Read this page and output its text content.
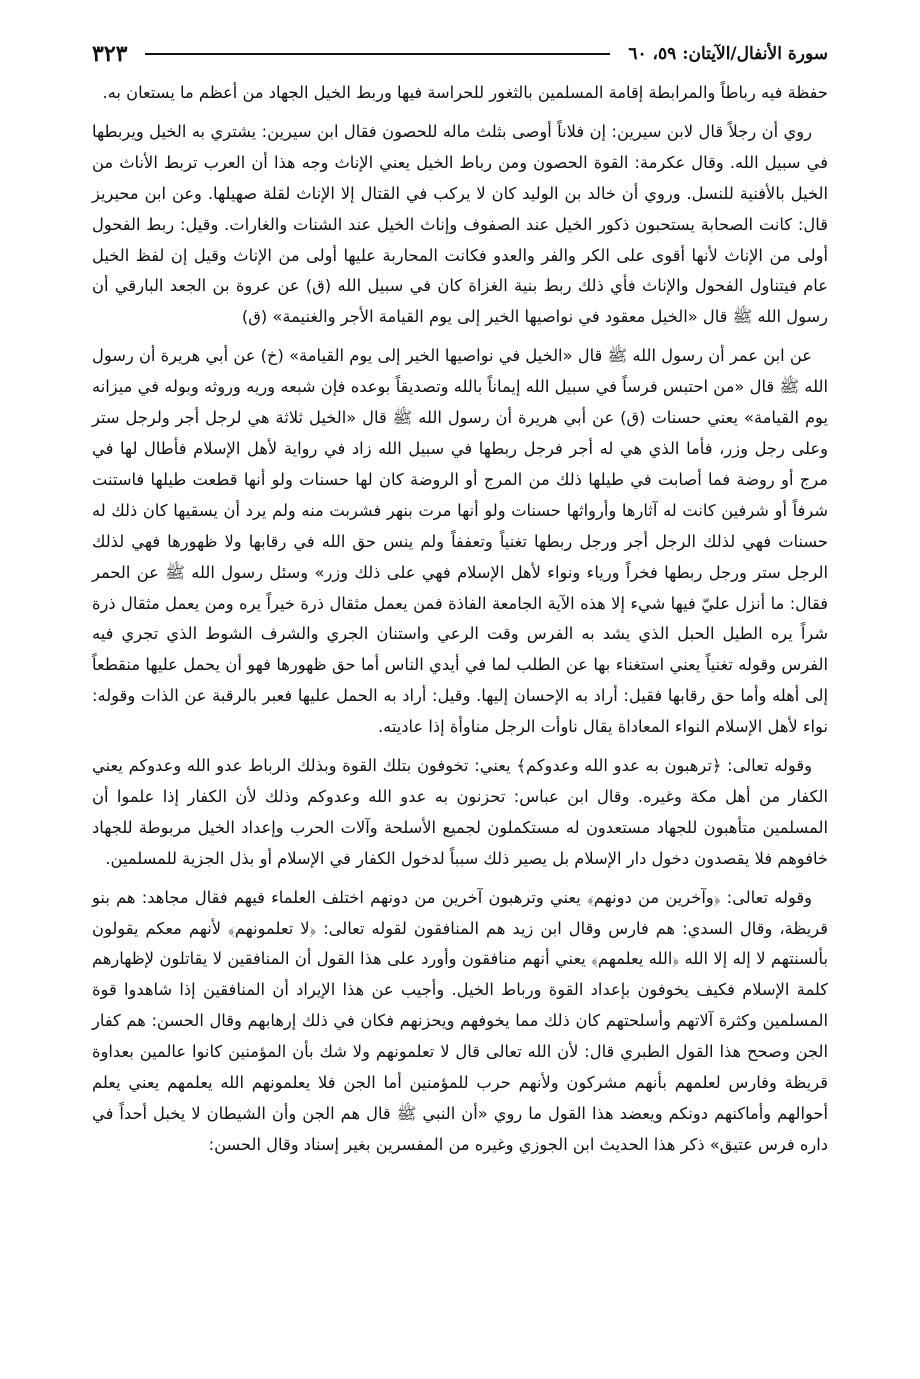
سورة الأنفال/الآيتان: ٥٩، ٦٠
٣٢٣

حفظة فيه رباطاً والمرابطة إقامة المسلمين بالثغور للحراسة فيها وربط الخيل الجهاد من أعظم ما يستعان به.

روي أن رجلاً قال لابن سيرين: إن فلاناً أوصى بثلث ماله للحصون فقال ابن سيرين: يشتري به الخيل ويربطها في سبيل الله. وقال عكرمة: القوة الحصون ومن رباط الخيل يعني الإناث وجه هذا أن العرب تربط الأناث من الخيل بالأفنية للنسل. وروي أن خالد بن الوليد كان لا يركب في القتال إلا الإناث لقلة صهيلها. وعن ابن محيريز قال: كانت الصحابة يستحبون ذكور الخيل عند الصفوف وإناث الخيل عند الشنات والغارات. وقيل: ربط الفحول أولى من الإناث لأنها أقوى على الكر والفر والعدو فكانت المحاربة عليها أولى من الإناث وقيل إن لفظ الخيل عام فيتناول الفحول والإناث فأي ذلك ربط بنية الغزاة كان في سبيل الله (ق) عن عروة بن الجعد البارقي أن رسول الله ﷺ قال «الخيل معقود في نواصيها الخير إلى يوم القيامة الأجر والغنيمة» (ق)

عن ابن عمر أن رسول الله ﷺ قال «الخيل في نواصيها الخير إلى يوم القيامة» (خ) عن أبي هريرة أن رسول الله ﷺ قال «من احتبس فرساً في سبيل الله إيماناً بالله وتصديقاً بوعده فإن شبعه وريه وروثه وبوله في ميزانه يوم القيامة» يعني حسنات (ق) عن أبي هريرة أن رسول الله ﷺ قال «الخيل ثلاثة هي لرجل أجر ولرجل ستر وعلى رجل وزر، فأما الذي هي له أجر فرجل ربطها في سبيل الله زاد في رواية لأهل الإسلام فأطال لها في مرج أو روضة فما أصابت في طيلها ذلك من المرج أو الروضة كان لها حسنات ولو أنها قطعت طيلها فاستنت شرفاً أو شرفين كانت له آثارها وأرواثها حسنات ولو أنها مرت بنهر فشربت منه ولم يرد أن يسقيها كان ذلك له حسنات فهي لذلك الرجل أجر ورجل ربطها تغنياً وتعففاً ولم ينس حق الله في رقابها ولا ظهورها فهي لذلك الرجل ستر ورجل ربطها فخراً ورياء ونواء لأهل الإسلام فهي على ذلك وزر» وسئل رسول الله ﷺ عن الحمر فقال: ما أنزل عليّ فيها شيء إلا هذه الآية الجامعة الفاذة فمن يعمل مثقال ذرة خيراً يره ومن يعمل مثقال ذرة شراً يره الطيل الحبل الذي يشد به الفرس وقت الرعي واستنان الجري والشرف الشوط الذي تجري فيه الفرس وقوله تغنياً يعني استغناء بها عن الطلب لما في أيدي الناس أما حق ظهورها فهو أن يحمل عليها منقطعاً إلى أهله وأما حق رقابها فقيل: أراد به الإحسان إليها. وقيل: أراد به الحمل عليها فعبر بالرقبة عن الذات وقوله: نواء لأهل الإسلام النواء المعاداة يقال ناوأت الرجل مناوأة إذا عاديته.

وقوله تعالى: ﴿ترهبون به عدو الله وعدوكم﴾ يعني: تخوفون بتلك القوة وبذلك الرباط عدو الله وعدوكم يعني الكفار من أهل مكة وغيره. وقال ابن عباس: تحزنون به عدو الله وعدوكم وذلك لأن الكفار إذا علموا أن المسلمين متأهبون للجهاد مستعدون له مستكملون لجميع الأسلحة وآلات الحرب وإعداد الخيل مربوطة للجهاد خافوهم فلا يقصدون دخول دار الإسلام بل يصير ذلك سبباً لدخول الكفار في الإسلام أو بذل الجزية للمسلمين.

وقوله تعالى: ﴿وآخرين من دونهم﴾ يعني وترهبون آخرين من دونهم اختلف العلماء فيهم فقال مجاهد: هم بنو قريظة، وقال السدي: هم فارس وقال ابن زيد هم المنافقون لقوله تعالى: ﴿لا تعلمونهم﴾ لأنهم معكم يقولون بألسنتهم لا إله إلا الله ﴿الله يعلمهم﴾ يعني أنهم منافقون وأورد على هذا القول أن المنافقين لا يقاتلون لإظهارهم كلمة الإسلام فكيف يخوفون بإعداد القوة ورباط الخيل. وأجيب عن هذا الإيراد أن المنافقين إذا شاهدوا قوة المسلمين وكثرة آلاتهم وأسلحتهم كان ذلك مما يخوفهم ويحزنهم فكان في ذلك إرهابهم وقال الحسن: هم كفار الجن وصحح هذا القول الطبري قال: لأن الله تعالى قال لا تعلمونهم ولا شك بأن المؤمنين كانوا عالمين بعداوة قريظة وفارس لعلمهم بأنهم مشركون ولأنهم حرب للمؤمنين أما الجن فلا يعلمونهم الله يعلمهم يعني يعلم أحوالهم وأماكنهم دونكم ويعضد هذا القول ما روي «أن النبي ﷺ قال هم الجن وأن الشيطان لا يخبل أحداً في داره فرس عتيق» ذكر هذا الحديث ابن الجوزي وغيره من المفسرين بغير إسناد وقال الحسن:
